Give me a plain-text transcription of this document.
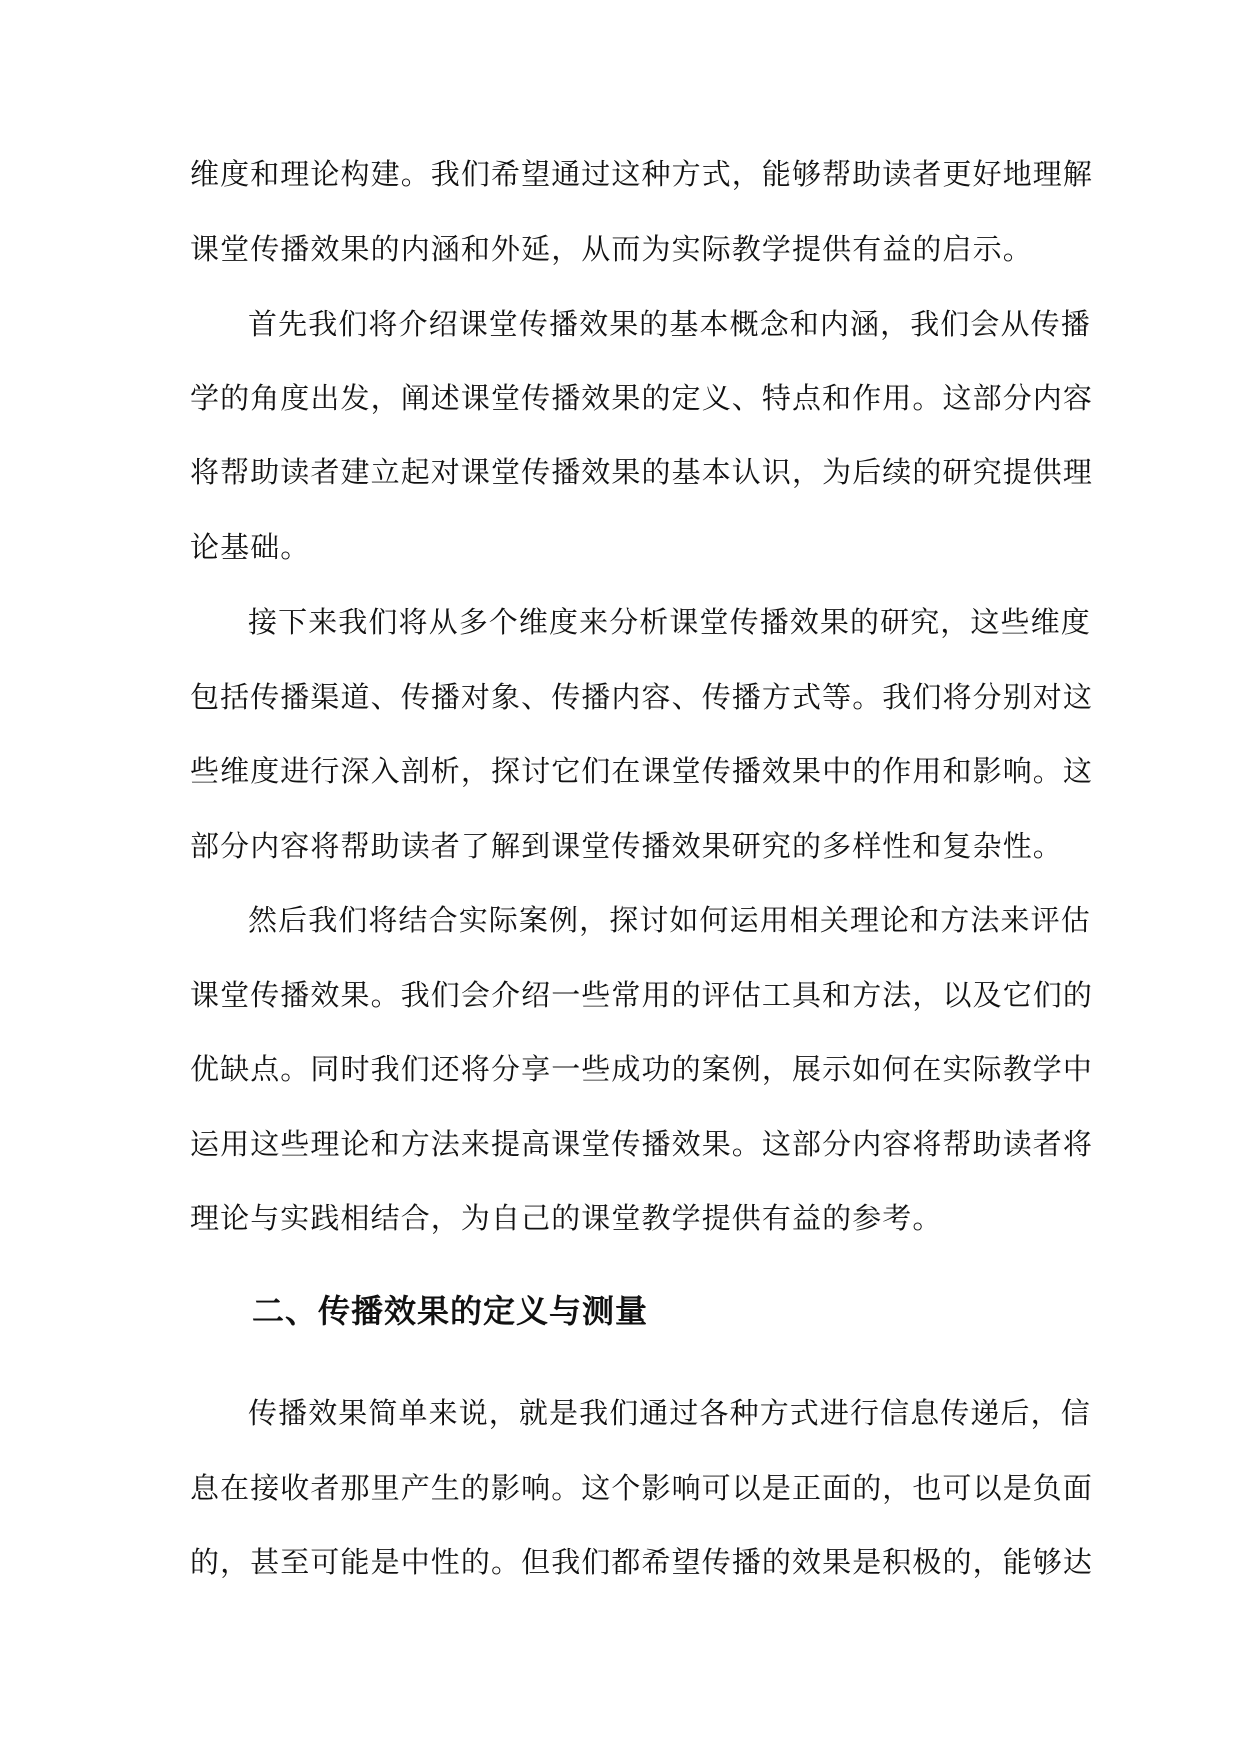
维度和理论构建。我们希望通过这种方式，能够帮助读者更好地理解
课堂传播效果的内涵和外延，从而为实际教学提供有益的启示。
首先我们将介绍课堂传播效果的基本概念和内涵，我们会从传播
学的角度出发，阐述课堂传播效果的定义、特点和作用。这部分内容
将帮助读者建立起对课堂传播效果的基本认识，为后续的研究提供理
论基础。
接下来我们将从多个维度来分析课堂传播效果的研究，这些维度
包括传播渠道、传播对象、传播内容、传播方式等。我们将分别对这
些维度进行深入剖析，探讨它们在课堂传播效果中的作用和影响。这
部分内容将帮助读者了解到课堂传播效果研究的多样性和复杂性。
然后我们将结合实际案例，探讨如何运用相关理论和方法来评估
课堂传播效果。我们会介绍一些常用的评估工具和方法，以及它们的
优缺点。同时我们还将分享一些成功的案例，展示如何在实际教学中
运用这些理论和方法来提高课堂传播效果。这部分内容将帮助读者将
理论与实践相结合，为自己的课堂教学提供有益的参考。
二、传播效果的定义与测量
传播效果简单来说，就是我们通过各种方式进行信息传递后，信
息在接收者那里产生的影响。这个影响可以是正面的，也可以是负面
的，甚至可能是中性的。但我们都希望传播的效果是积极的，能够达
